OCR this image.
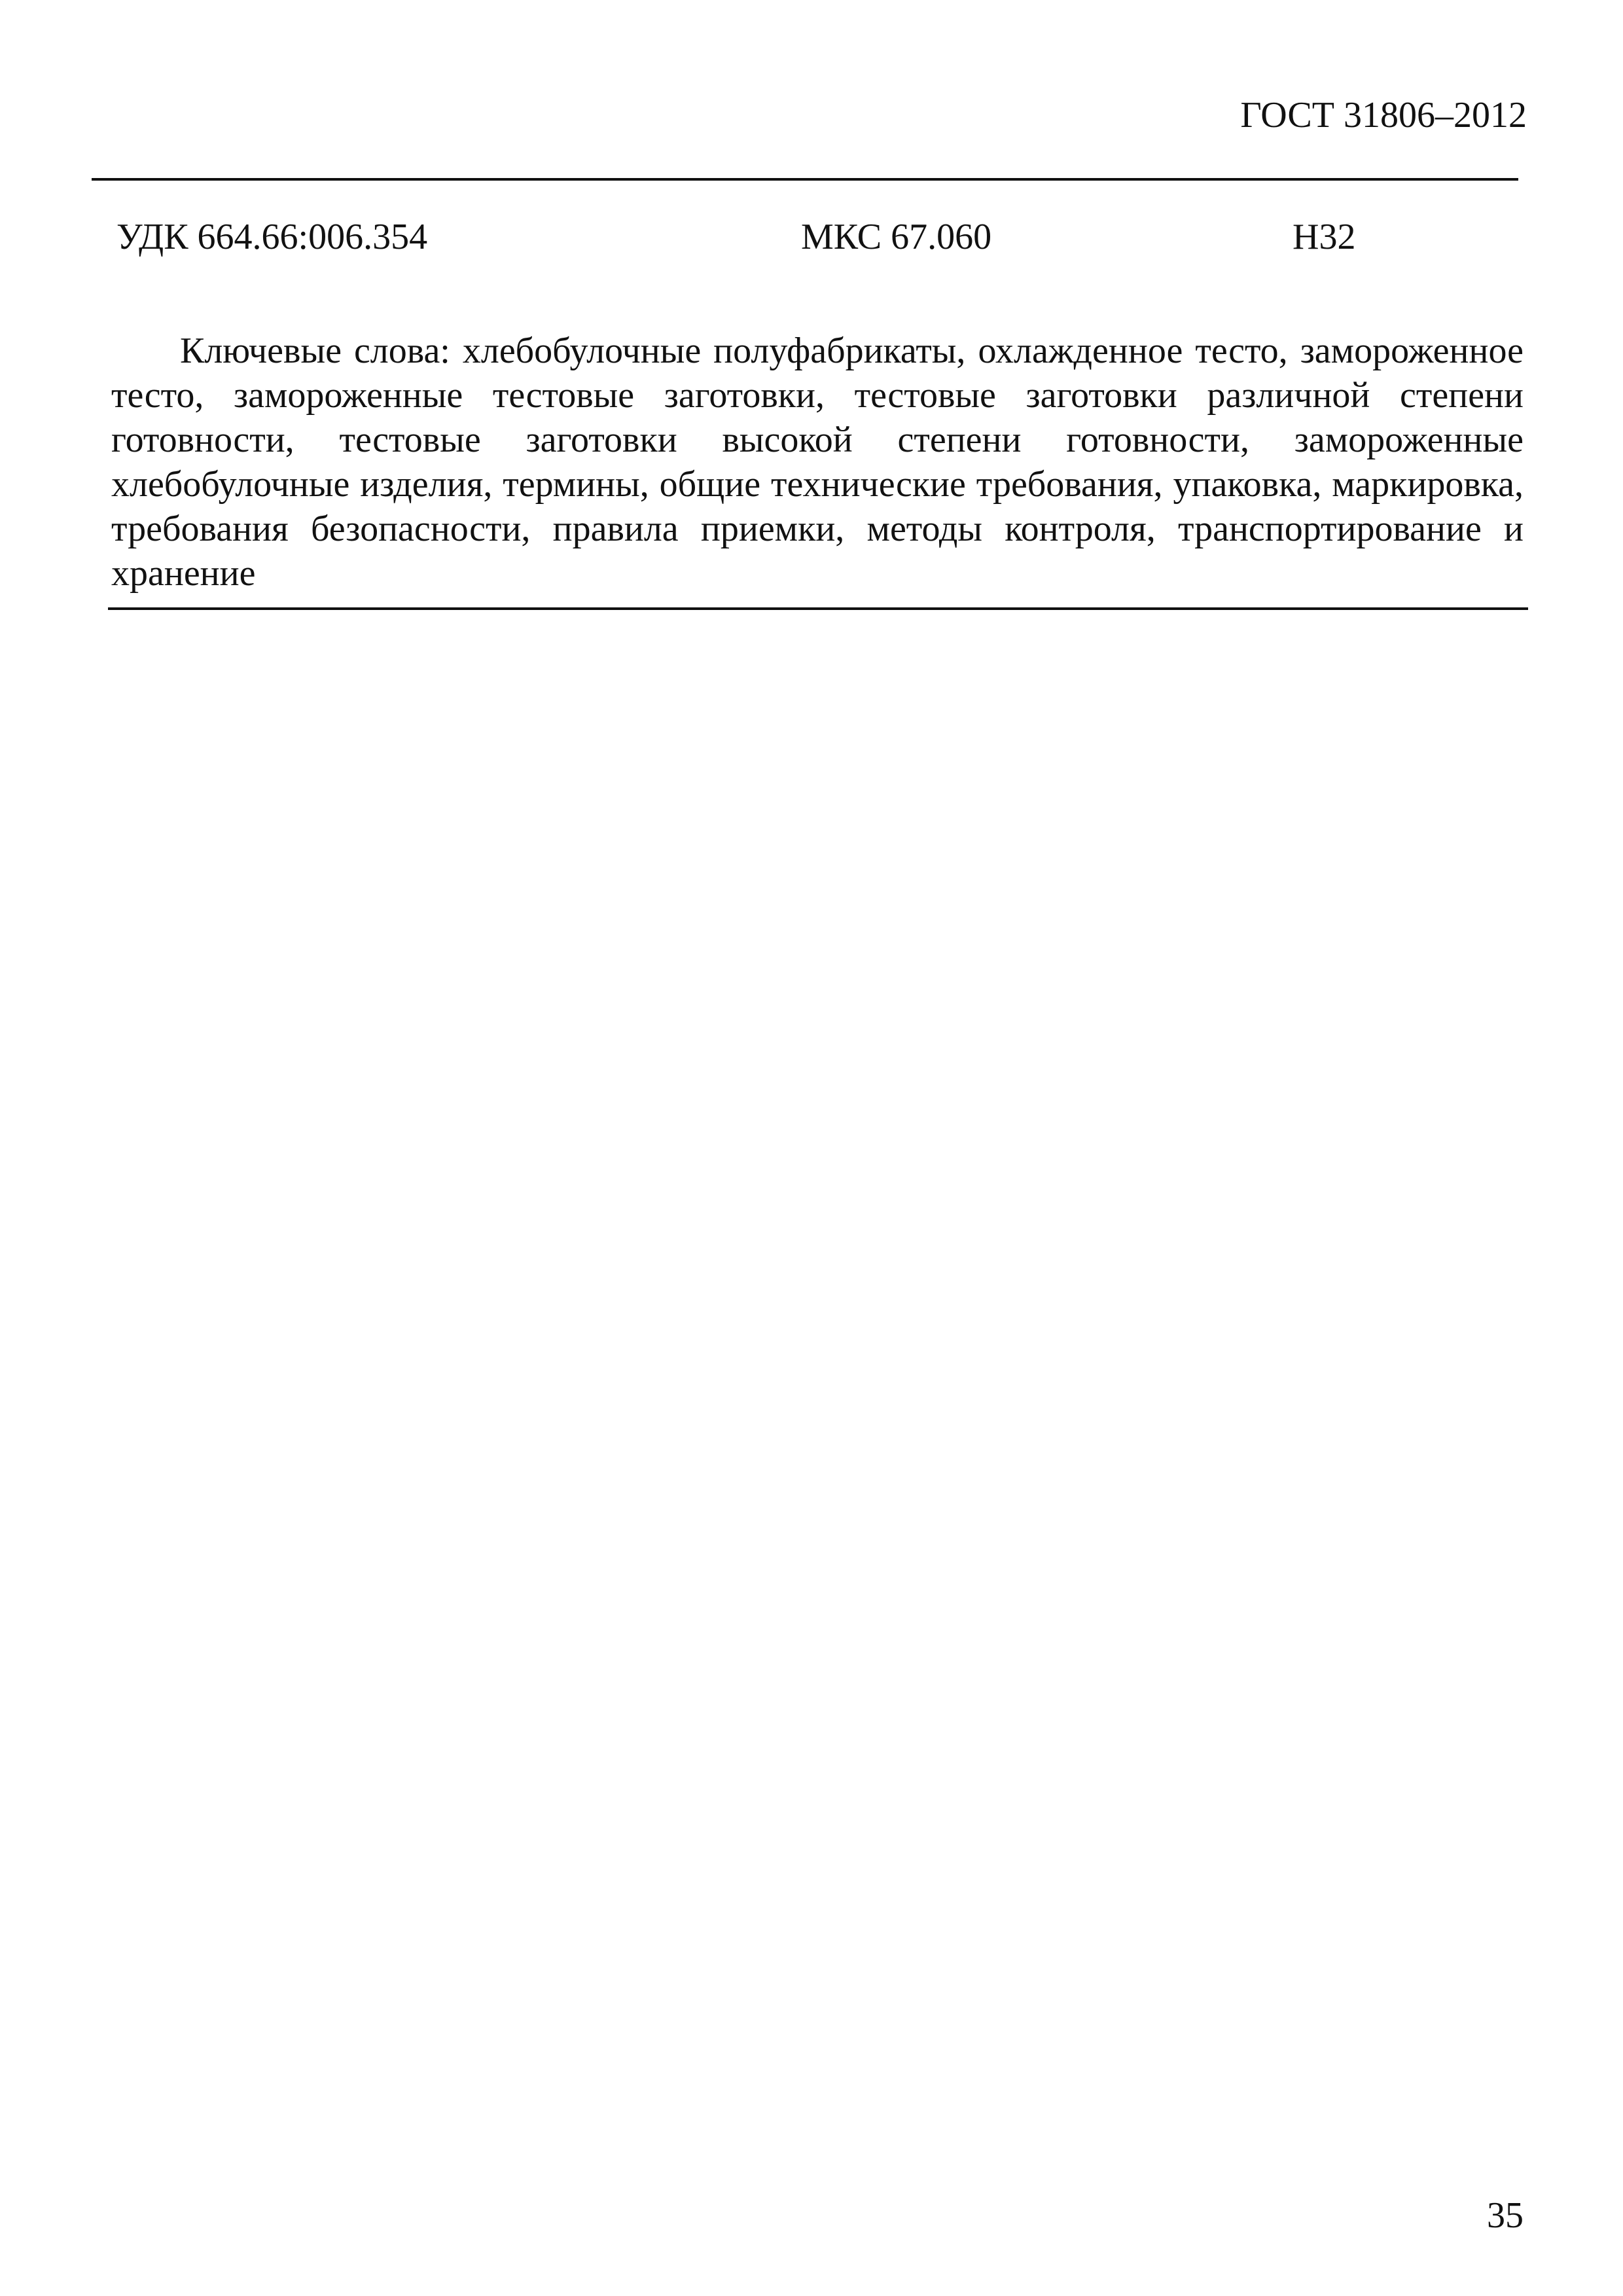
ГОСТ 31806–2012
УДК 664.66:006.354	МКС 67.060	Н32

Ключевые слова: хлебобулочные полуфабрикаты, охлажденное тесто, замороженное тесто, замороженные тестовые заготовки, тестовые заготовки различной степени готовности, тестовые заготовки высокой степени готовности, замороженные хлебобулочные изделия, термины, общие технические требования, упаковка, маркировка, требования безопасности, правила приемки, методы контроля, транспортирование и хранение

35
